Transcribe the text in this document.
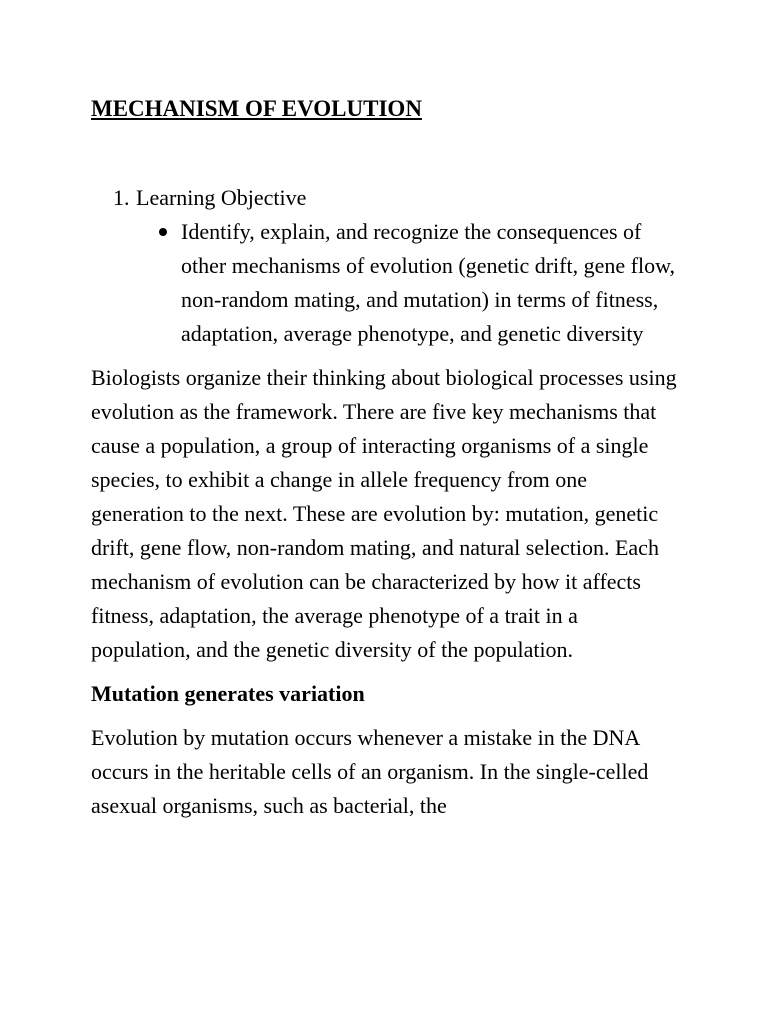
MECHANISM OF EVOLUTION
1. Learning Objective
Identify, explain, and recognize the consequences of other mechanisms of evolution (genetic drift, gene flow, non-random mating, and mutation) in terms of fitness, adaptation, average phenotype, and genetic diversity

Biologists organize their thinking about biological processes using evolution as the framework. There are five key mechanisms that cause a population, a group of interacting organisms of a single species, to exhibit a change in allele frequency from one generation to the next. These are evolution by: mutation, genetic drift, gene flow, non-random mating, and natural selection. Each mechanism of evolution can be characterized by how it affects fitness, adaptation, the average phenotype of a trait in a population, and the genetic diversity of the population.

Mutation generates variation

Evolution by mutation occurs whenever a mistake in the DNA occurs in the heritable cells of an organism. In the single-celled asexual organisms, such as bacterial, the
